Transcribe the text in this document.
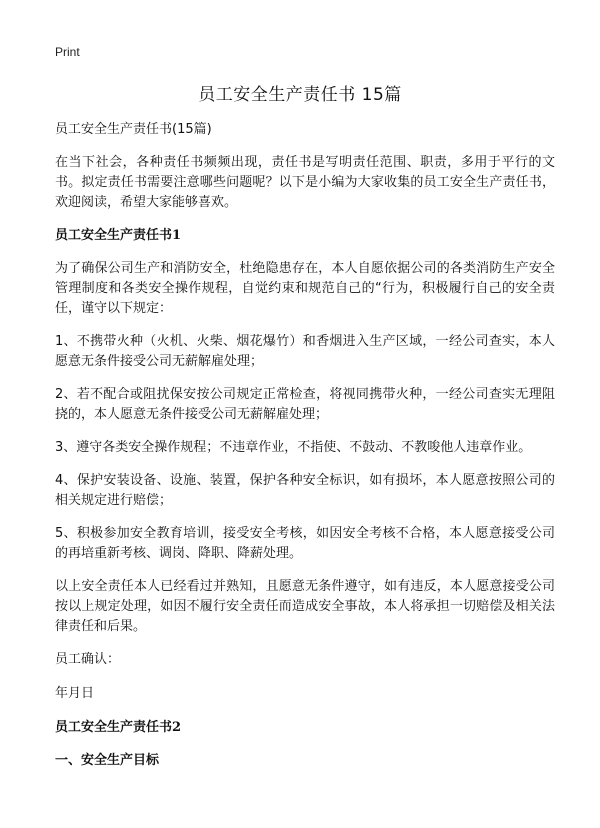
Print
员工安全生产责任书 15篇

员工安全生产责任书(15篇)

在当下社会，各种责任书频频出现，责任书是写明责任范围、职责，多用于平行的文书。拟定责任书需要注意哪些问题呢？以下是小编为大家收集的员工安全生产责任书，欢迎阅读，希望大家能够喜欢。

员工安全生产责任书1

为了确保公司生产和消防安全，杜绝隐患存在，本人自愿依据公司的各类消防生产安全管理制度和各类安全操作规程，自觉约束和规范自己的“行为，积极履行自己的安全责任，谨守以下规定：

1、不携带火种（火机、火柴、烟花爆竹）和香烟进入生产区域，一经公司查实，本人愿意无条件接受公司无薪解雇处理；

2、若不配合或阻扰保安按公司规定正常检查，将视同携带火种，一经公司查实无理阻挠的，本人愿意无条件接受公司无薪解雇处理；

3、遵守各类安全操作规程；不违章作业，不指使、不鼓动、不教唆他人违章作业。

4、保护安装设备、设施、装置，保护各种安全标识，如有损坏，本人愿意按照公司的相关规定进行赔偿；

5、积极参加安全教育培训，接受安全考核，如因安全考核不合格，本人愿意接受公司的再培重新考核、调岗、降职、降薪处理。

以上安全责任本人已经看过并熟知，且愿意无条件遵守，如有违反，本人愿意接受公司按以上规定处理，如因不履行安全责任而造成安全事故，本人将承担一切赔偿及相关法律责任和后果。

员工确认：

年月日

员工安全生产责任书2
一、安全生产目标
